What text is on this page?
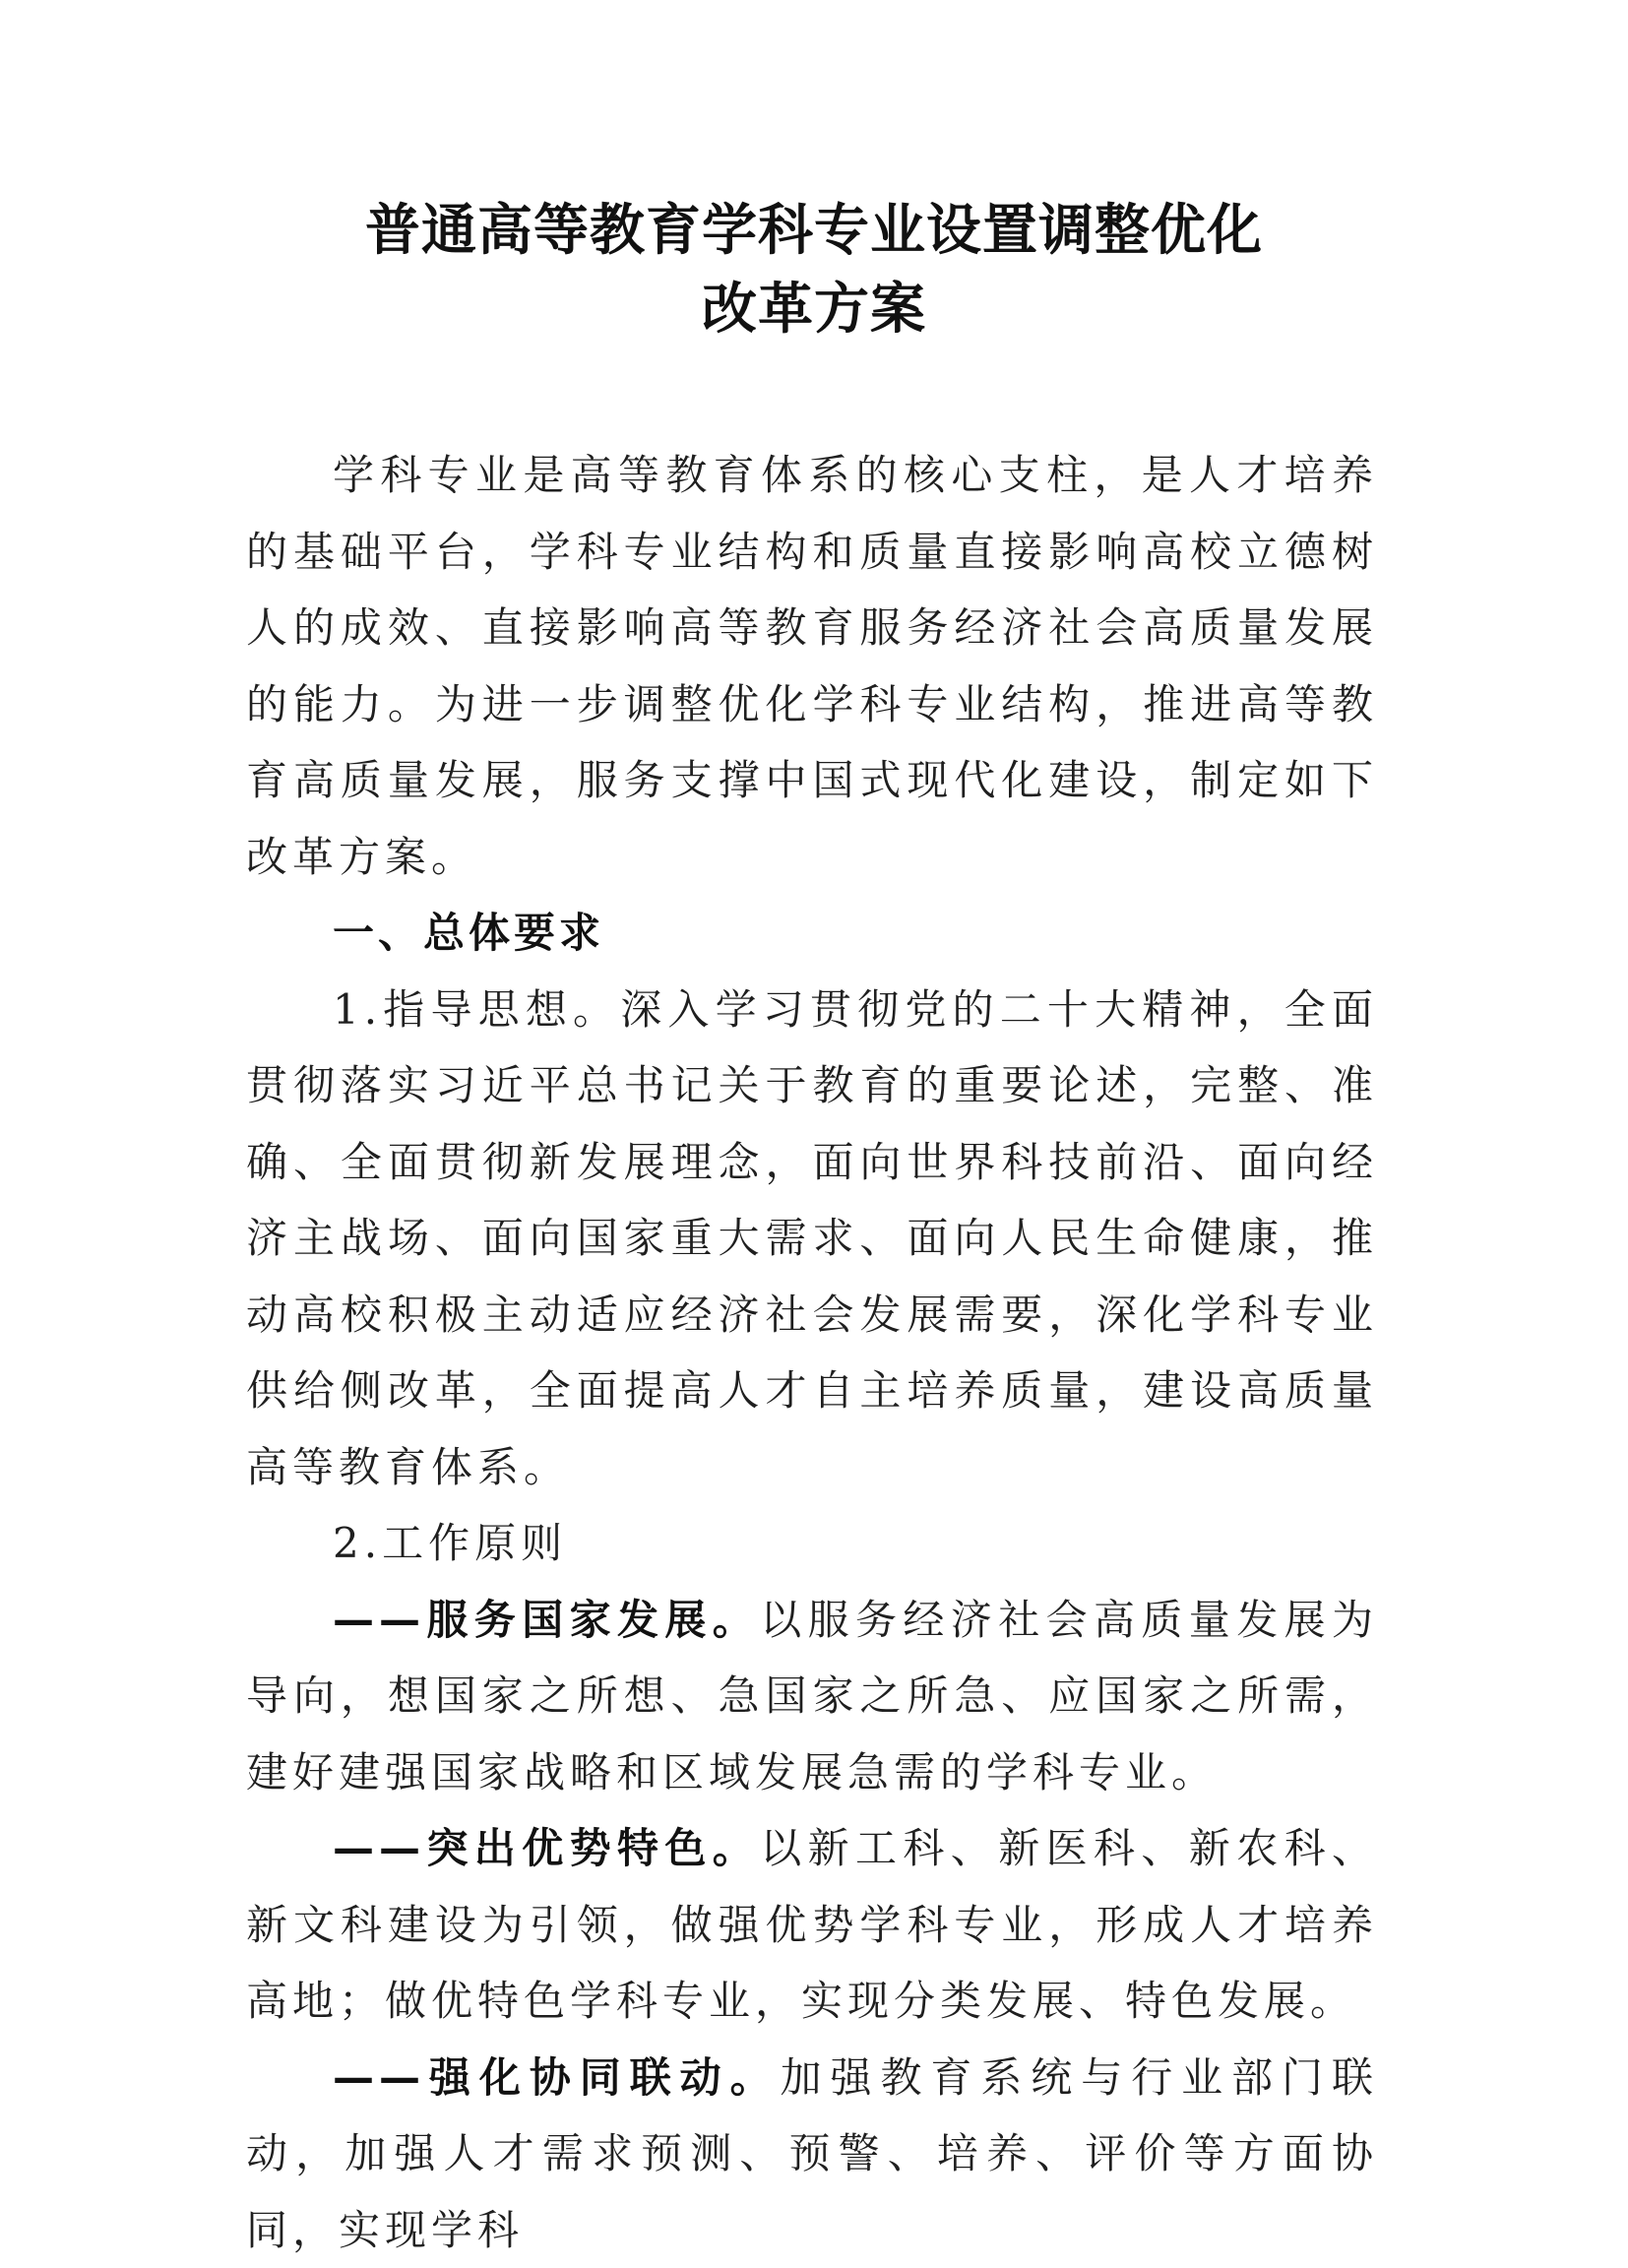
普通高等教育学科专业设置调整优化
改革方案

学科专业是高等教育体系的核心支柱，是人才培养的基础平台，学科专业结构和质量直接影响高校立德树人的成效、直接影响高等教育服务经济社会高质量发展的能力。为进一步调整优化学科专业结构，推进高等教育高质量发展，服务支撑中国式现代化建设，制定如下改革方案。

一、总体要求

1.指导思想。深入学习贯彻党的二十大精神，全面贯彻落实习近平总书记关于教育的重要论述，完整、准确、全面贯彻新发展理念，面向世界科技前沿、面向经济主战场、面向国家重大需求、面向人民生命健康，推动高校积极主动适应经济社会发展需要，深化学科专业供给侧改革，全面提高人才自主培养质量，建设高质量高等教育体系。

2.工作原则

——服务国家发展。以服务经济社会高质量发展为导向，想国家之所想、急国家之所急、应国家之所需，建好建强国家战略和区域发展急需的学科专业。

——突出优势特色。以新工科、新医科、新农科、新文科建设为引领，做强优势学科专业，形成人才培养高地；做优特色学科专业，实现分类发展、特色发展。

——强化协同联动。加强教育系统与行业部门联动，加强人才需求预测、预警、培养、评价等方面协同，实现学科
